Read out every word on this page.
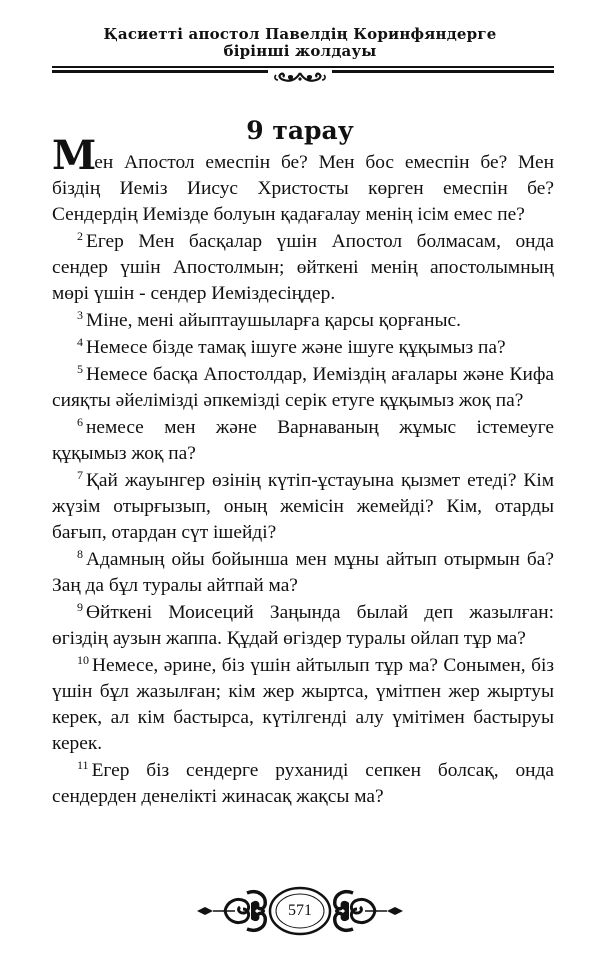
Қасиетті апостол Павелдің Коринфяндерге
бірінші жолдауы
9 тарау

Мен Апостол емеспін бе? Мен бос емеспін бе? Мен біздің Иеміз Иисус Христосты көрген емеспін бе? Сендердің Иемізде болуын қадағалау менің ісім емес пе?

$^2$ Егер Мен басқалар үшін Апостол болмасам, онда сендер үшін Апостолмын; өйткені менің апостолымның мөрі үшін - сендер Иемiздесiңдер.

$^3$ Міне, мені айыптаушыларға қарсы қорғаныс.

$^4$ Немесе бізде тамақ ішуге және ішуге құқымыз па?

$^5$ Немесе басқа Апостолдар, Иеміздің ағалары және Кифа сияқты әйелімізді әпкемізді серік етуге құқымыз жоқ па?

$^6$ немесе мен және Варнаваның жұмыс істемеуге құқымыз жоқ па?

$^7$ Қай жауынгер өзінің күтіп-ұстауына қызмет етеді? Кім жүзім отырғызып, оның жемісін жемейді? Кім, отарды бағып, отардан сүт ішейді?

$^8$ Адамның ойы бойынша мен мұны айтып отырмын ба? Заң да бұл туралы айтпай ма?

$^9$ Өйткені Моисеций Заңында былай деп жазылған: өгіздің аузын жаппа. Құдай өгіздер туралы ойлап тұр ма?

$^{10}$ Немесе, әрине, біз үшін айтылып тұр ма? Сонымен, біз үшін бұл жазылған; кім жер жыртса, үмітпен жер жыртуы керек, ал кім бастырса, күтілгенді алу үмітімен бастыруы керек.

$^{11}$ Егер біз сендерге руханиді сепкен болсақ, онда сендерден денелікті жинасақ жақсы ма?

571
